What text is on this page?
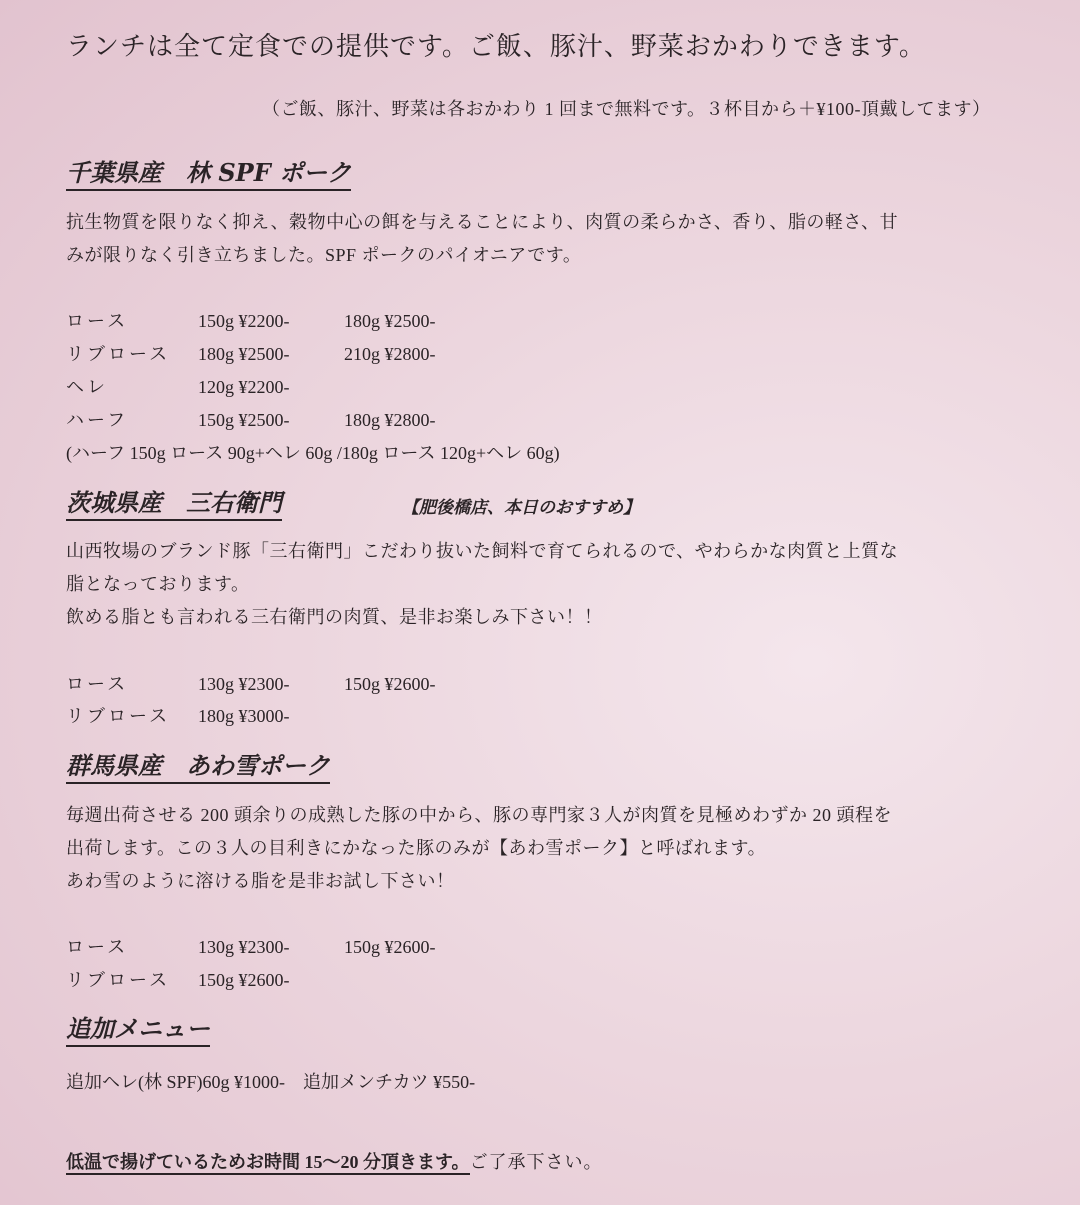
ランチは全て定食での提供です。ご飯、豚汁、野菜おかわりできます。
（ご飯、豚汁、野菜は各おかわり 1 回まで無料です。３杯目から＋¥100-頂戴してます）
千葉県産　林 SPF ポーク
抗生物質を限りなく抑え、穀物中心の餌を与えることにより、肉質の柔らかさ、香り、脂の軽さ、甘
みが限りなく引き立ちました。SPF ポークのパイオニアです。
ロース	150g ¥2200-	180g ¥2500-
リブロース 180g ¥2500-	210g ¥2800-
ヘレ	120g ¥2200-
ハーフ	150g ¥2500-	180g ¥2800-
(ハーフ 150g ロース 90g+ヘレ 60g /180g ロース 120g+ヘレ 60g)
茨城県産　三右衛門	【肥後橋店、本日のおすすめ】
山西牧場のブランド豚「三右衛門」こだわり抜いた飼料で育てられるので、やわらかな肉質と上質な
脂となっております。
飲める脂とも言われる三右衛門の肉質、是非お楽しみ下さい！！
ロース	130g ¥2300-	150g ¥2600-
リブロース 180g ¥3000-
群馬県産　あわ雪ポーク
毎週出荷させる 200 頭余りの成熟した豚の中から、豚の専門家３人が肉質を見極めわずか 20 頭程を
出荷します。この３人の目利きにかなった豚のみが【あわ雪ポーク】と呼ばれます。
あわ雪のように溶ける脂を是非お試し下さい！
ロース	130g ¥2300-	150g ¥2600-
リブロース 150g ¥2600-
追加メニュー
追加ヘレ(林 SPF)60g ¥1000-　追加メンチカツ ¥550-
低温で揚げているためお時間 15〜20 分頂きます。ご了承下さい。
